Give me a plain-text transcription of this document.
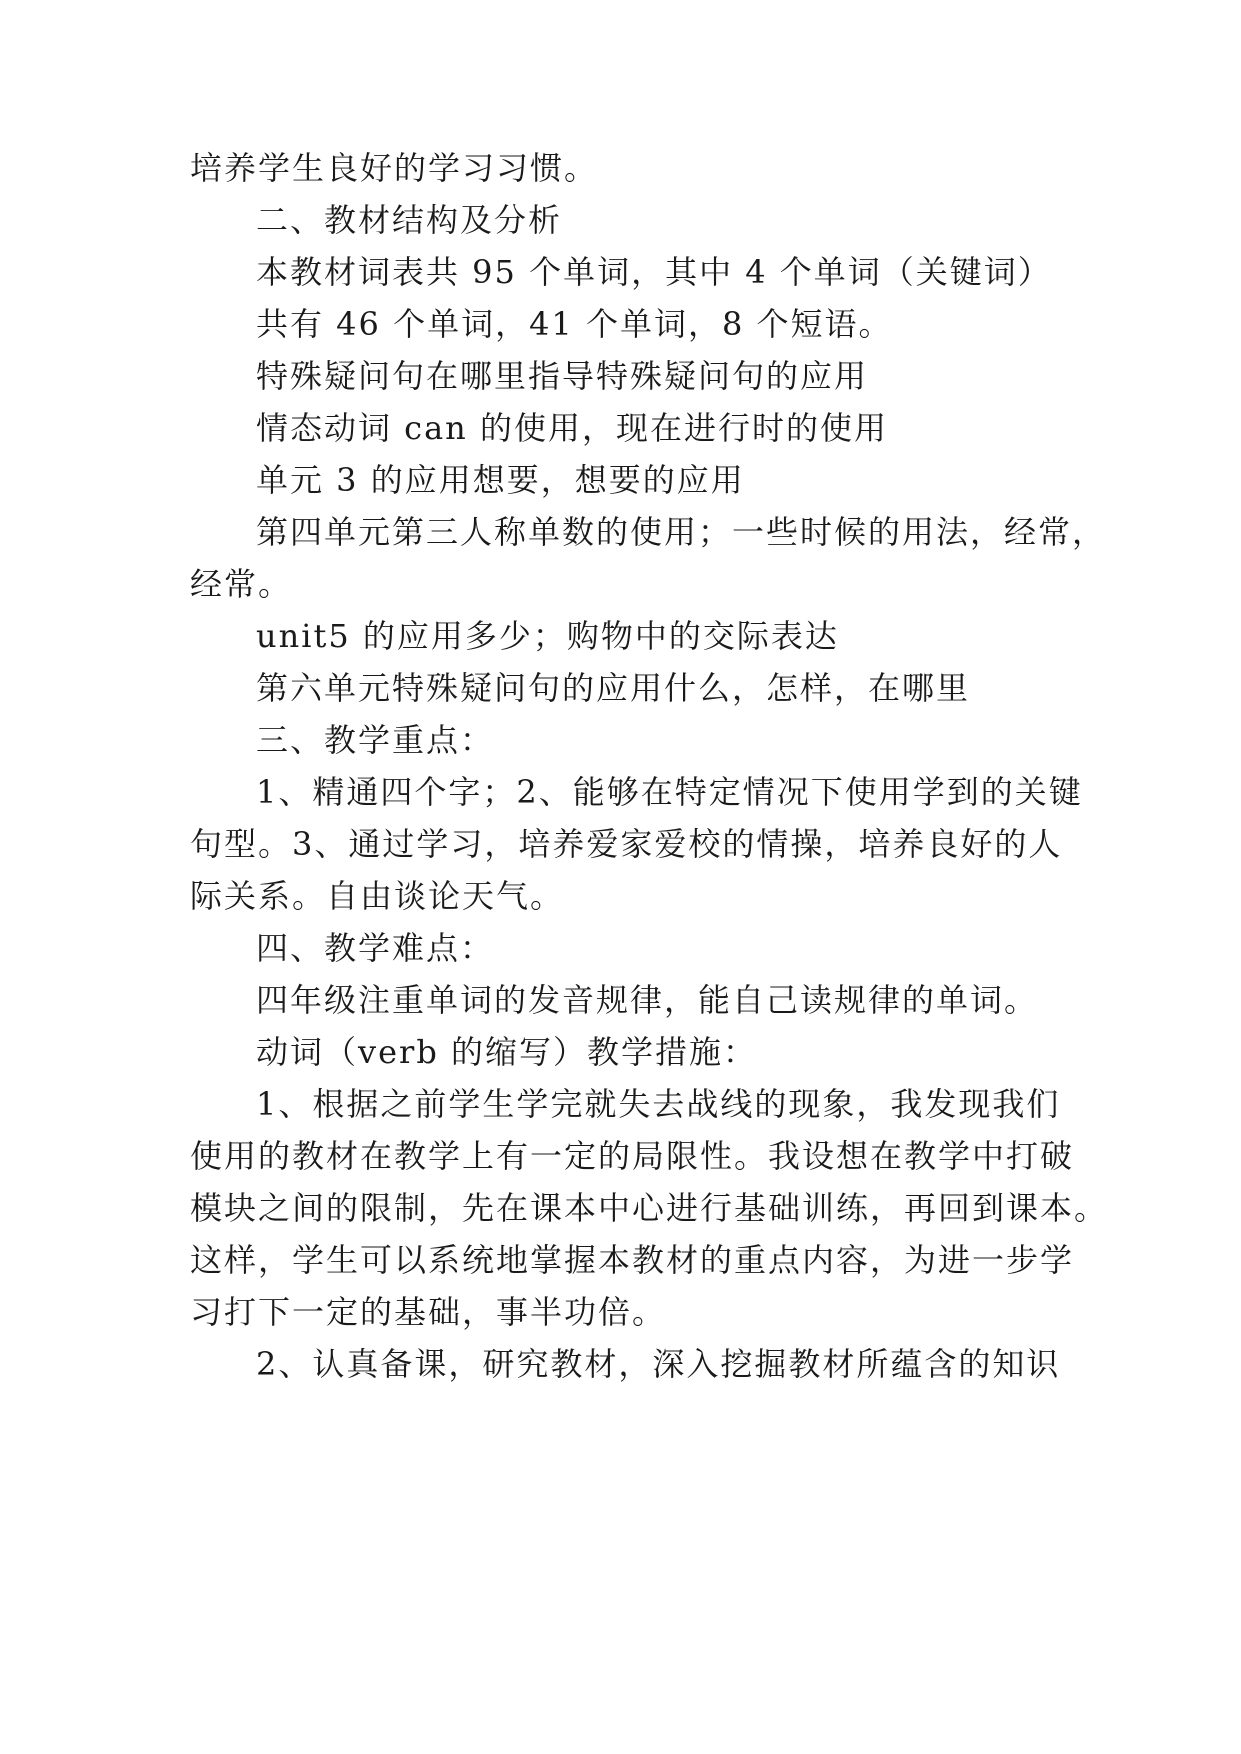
培养学生良好的学习习惯。
二、教材结构及分析
本教材词表共 95 个单词，其中 4 个单词（关键词）
共有 46 个单词，41 个单词，8 个短语。
特殊疑问句在哪里指导特殊疑问句的应用
情态动词 can 的使用，现在进行时的使用
单元 3 的应用想要，想要的应用
第四单元第三人称单数的使用；一些时候的用法，经常，
经常。
unit5 的应用多少；购物中的交际表达
第六单元特殊疑问句的应用什么，怎样，在哪里
三、教学重点：
1、精通四个字；2、能够在特定情况下使用学到的关键
句型。3、通过学习，培养爱家爱校的情操，培养良好的人
际关系。自由谈论天气。
四、教学难点：
四年级注重单词的发音规律，能自己读规律的单词。
动词（verb 的缩写）教学措施：
1、根据之前学生学完就失去战线的现象，我发现我们
使用的教材在教学上有一定的局限性。我设想在教学中打破
模块之间的限制，先在课本中心进行基础训练，再回到课本。
这样，学生可以系统地掌握本教材的重点内容，为进一步学
习打下一定的基础，事半功倍。
2、认真备课，研究教材，深入挖掘教材所蕴含的知识
